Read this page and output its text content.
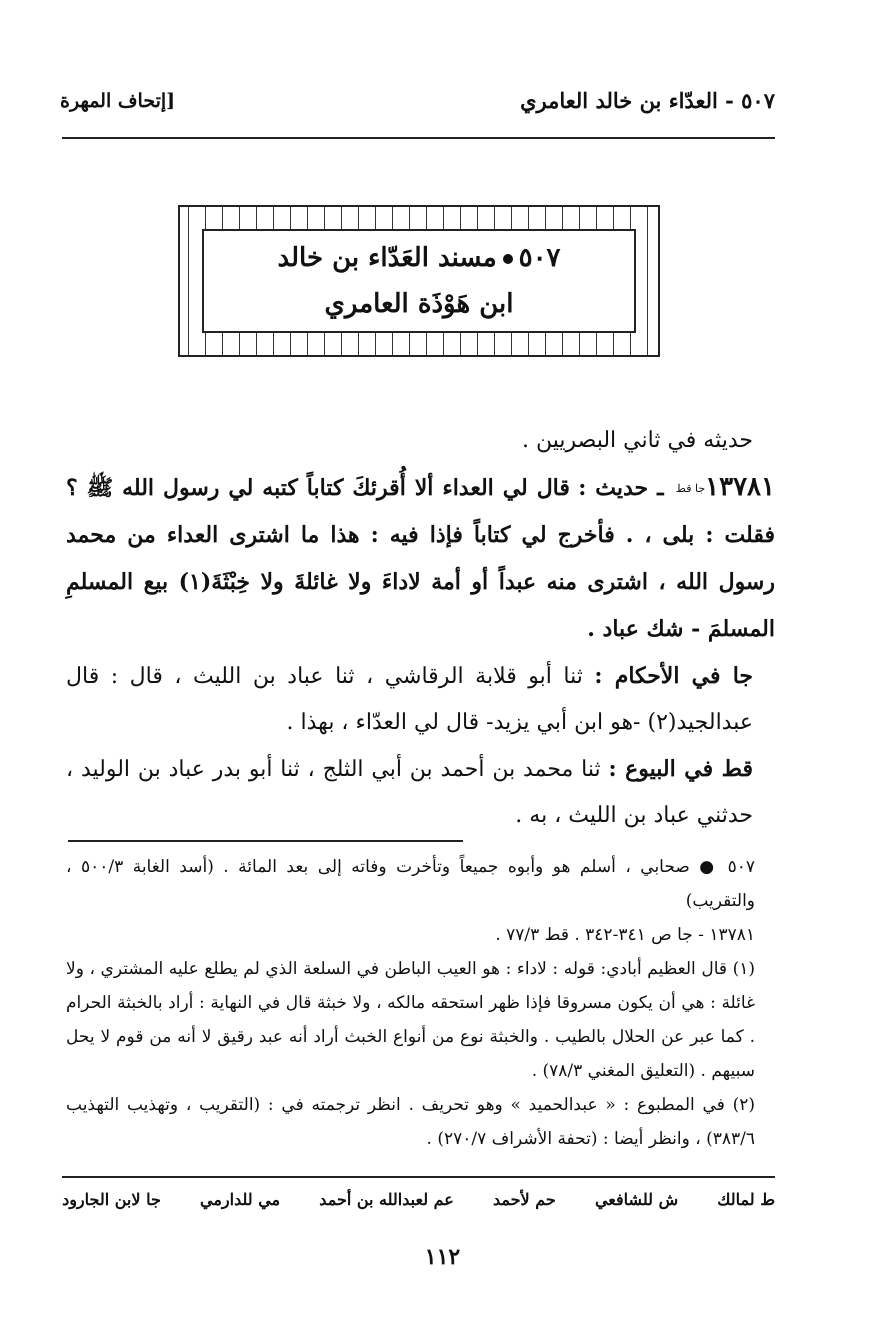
٥٠٧ - العدّاء بن خالد العامري
[إتحاف المهرة
٥٠٧مسند العَدّاء بن خالد
ابن هَوْذَة العامري

حديثه في ثاني البصريين .

١٣٧٨١جا قط ـ حديث : قال لي العداء ألا أُقرئكَ كتاباً كتبه لي رسول الله ﷺ ؟ فقلت : بلى ، . فأخرج لي كتاباً فإذا فيه : هذا ما اشترى العداء من محمد رسول الله ، اشترى منه عبداً أو أمة لاداءَ ولا غائلةَ ولا خِبْثَةَ(١) بيع المسلمِ المسلمَ - شك عباد .

جا في الأحكام : ثنا أبو قلابة الرقاشي ، ثنا عباد بن الليث ، قال : قال عبدالجيد(٢) -هو ابن أبي يزيد- قال لي العدّاء ، بهذا .

قط في البيوع : ثنا محمد بن أحمد بن أبي الثلج ، ثنا أبو بدر عباد بن الوليد ، حدثني عباد بن الليث ، به .

٥٠٧ ● صحابي ، أسلم هو وأبوه جميعاً وتأخرت وفاته إلى بعد المائة . (أسد الغابة ٥٠٠/٣ ، والتقريب)

١٣٧٨١ - جا ص ٣٤١-٣٤٢ . قط ٧٧/٣ .

(١) قال العظيم أبادي: قوله : لاداء : هو العيب الباطن في السلعة الذي لم يطلع عليه المشتري ، ولا غائلة : هي أن يكون مسروقا فإذا ظهر استحقه مالكه ، ولا خبثة قال في النهاية : أراد بالخبثة الحرام . كما عبر عن الحلال بالطيب . والخبثة نوع من أنواع الخبث أراد أنه عبد رقيق لا أنه من قوم لا يحل سبيهم . (التعليق المغني ٧٨/٣) .

(٢) في المطبوع : « عبدالحميد » وهو تحريف . انظر ترجمته في : (التقريب ، وتهذيب التهذيب ٣٨٣/٦) ، وانظر أيضا : (تحفة الأشراف ٢٧٠/٧) .

ط لمالك
ش للشافعي
حم لأحمد
عم لعبدالله بن أحمد
مي للدارمي
جا لابن الجارود
١١٢
